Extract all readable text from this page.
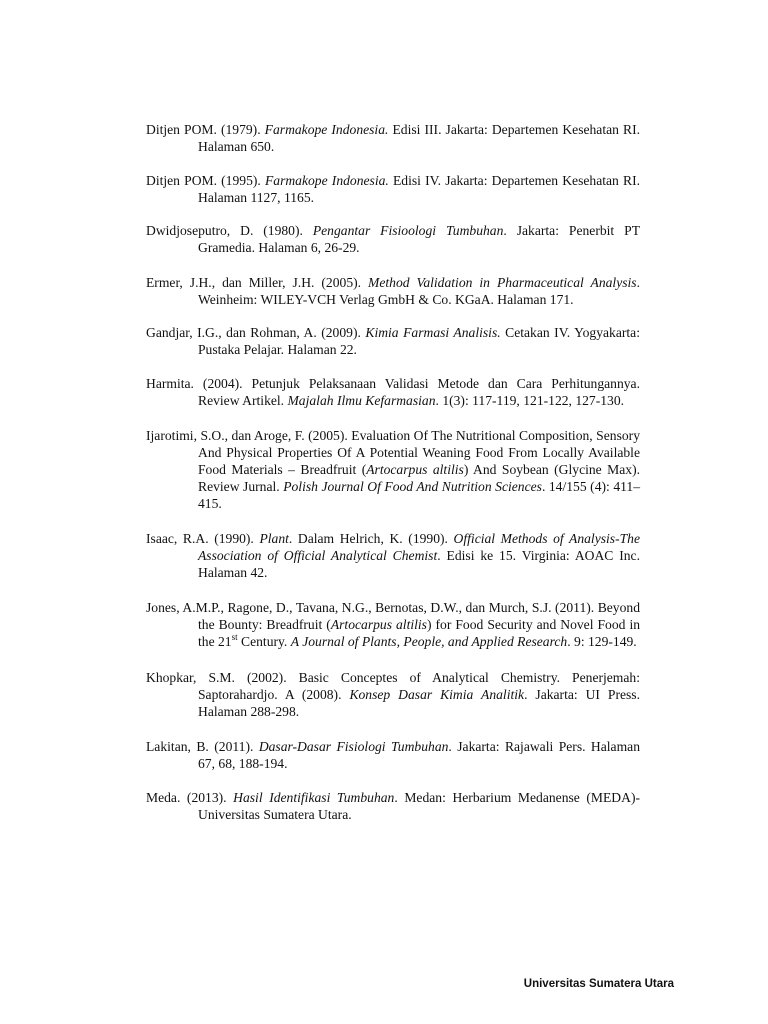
Ditjen POM. (1979). Farmakope Indonesia. Edisi III. Jakarta: Departemen Kesehatan RI. Halaman 650.

Ditjen POM. (1995). Farmakope Indonesia. Edisi IV. Jakarta: Departemen Kesehatan RI. Halaman 1127, 1165.

Dwidjoseputro, D. (1980). Pengantar Fisioologi Tumbuhan. Jakarta: Penerbit PT Gramedia. Halaman 6, 26-29.

Ermer, J.H., dan Miller, J.H. (2005). Method Validation in Pharmaceutical Analysis. Weinheim: WILEY-VCH Verlag GmbH & Co. KGaA. Halaman 171.

Gandjar, I.G., dan Rohman, A. (2009). Kimia Farmasi Analisis. Cetakan IV. Yogyakarta: Pustaka Pelajar. Halaman 22.

Harmita. (2004). Petunjuk Pelaksanaan Validasi Metode dan Cara Perhitungannya. Review Artikel. Majalah Ilmu Kefarmasian. 1(3): 117-119, 121-122, 127-130.

Ijarotimi, S.O., dan Aroge, F. (2005). Evaluation Of The Nutritional Composition, Sensory And Physical Properties Of A Potential Weaning Food From Locally Available Food Materials – Breadfruit (Artocarpus altilis) And Soybean (Glycine Max). Review Jurnal. Polish Journal Of Food And Nutrition Sciences. 14/155 (4): 411–415.

Isaac, R.A. (1990). Plant. Dalam Helrich, K. (1990). Official Methods of Analysis-The Association of Official Analytical Chemist. Edisi ke 15. Virginia: AOAC Inc. Halaman 42.

Jones, A.M.P., Ragone, D., Tavana, N.G., Bernotas, D.W., dan Murch, S.J. (2011). Beyond the Bounty: Breadfruit (Artocarpus altilis) for Food Security and Novel Food in the 21st Century. A Journal of Plants, People, and Applied Research. 9: 129-149.

Khopkar, S.M. (2002). Basic Conceptes of Analytical Chemistry. Penerjemah: Saptorahardjo. A (2008). Konsep Dasar Kimia Analitik. Jakarta: UI Press. Halaman 288-298.

Lakitan, B. (2011). Dasar-Dasar Fisiologi Tumbuhan. Jakarta: Rajawali Pers. Halaman 67, 68, 188-194.

Meda. (2013). Hasil Identifikasi Tumbuhan. Medan: Herbarium Medanense (MEDA)-Universitas Sumatera Utara.

Universitas Sumatera Utara
